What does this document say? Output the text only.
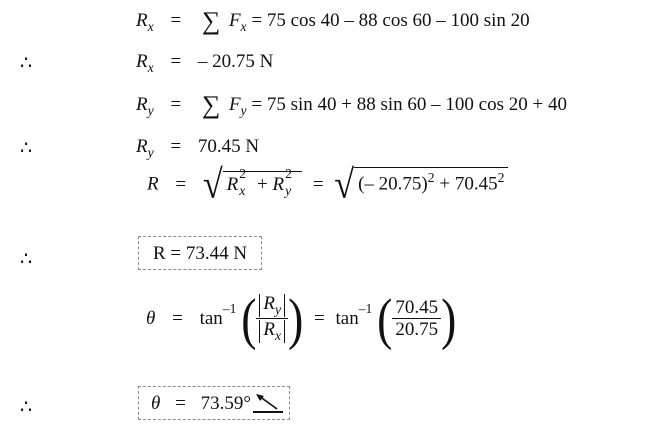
∴
∴
∴
∴
$R_x$ = ∑ $F_x = 75$ cos 40 – 88 cos 60 – 100 sin 20
$R_x$ = – 20.75 N
$R_y$ = ∑ $F_y = 75$ sin 40 + 88 sin 60 – 100 cos 20 + 40
$R_y = 70.45$ N
R = √ R 2
x + R 2
y = √ (– $20.75)^2 + 70.45^2$
R = 73.44 N
$\theta = \tan^{-1}$ ( $\frac{R_y}{R_x}$ ) = $\tan^{-1}$ ( $\frac{70.45}{20.75}$ )
θ = 73.59°
